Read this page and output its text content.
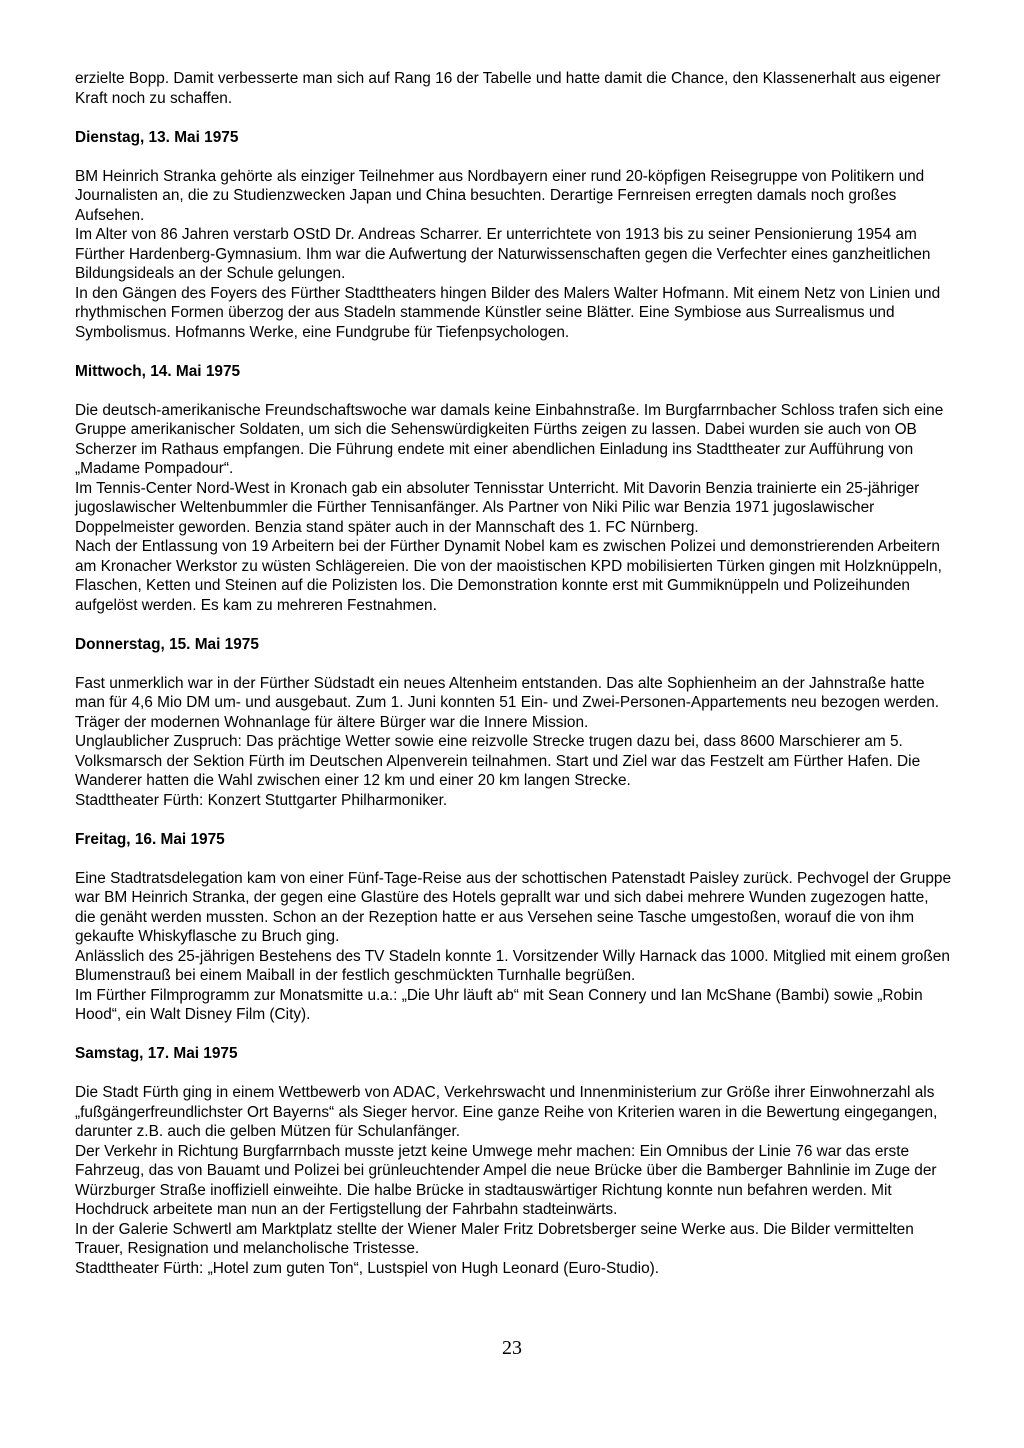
erzielte Bopp. Damit verbesserte man sich auf Rang 16 der Tabelle und hatte damit die Chance, den Klassenerhalt aus eigener Kraft noch zu schaffen.

Dienstag, 13. Mai 1975

BM Heinrich Stranka gehörte als einziger Teilnehmer aus Nordbayern einer rund 20-köpfigen Reisegruppe von Politikern und Journalisten an, die zu Studienzwecken Japan und China besuchten. Derartige Fernreisen erregten damals noch großes Aufsehen.

Im Alter von 86 Jahren verstarb OStD Dr. Andreas Scharrer. Er unterrichtete von 1913 bis zu seiner Pensionierung 1954 am Fürther Hardenberg-Gymnasium. Ihm war die Aufwertung der Naturwissenschaften gegen die Verfechter eines ganzheitlichen Bildungsideals an der Schule gelungen.

In den Gängen des Foyers des Fürther Stadttheaters hingen Bilder des Malers Walter Hofmann. Mit einem Netz von Linien und rhythmischen Formen überzog der aus Stadeln stammende Künstler seine Blätter. Eine Symbiose aus Surrealismus und Symbolismus. Hofmanns Werke, eine Fundgrube für Tiefenpsychologen.

Mittwoch, 14. Mai 1975

Die deutsch-amerikanische Freundschaftswoche war damals keine Einbahnstraße. Im Burgfarrnbacher Schloss trafen sich eine Gruppe amerikanischer Soldaten, um sich die Sehenswürdigkeiten Fürths zeigen zu lassen. Dabei wurden sie auch von OB Scherzer im Rathaus empfangen. Die Führung endete mit einer abendlichen Einladung ins Stadttheater zur Aufführung von „Madame Pompadour“.

Im Tennis-Center Nord-West in Kronach gab ein absoluter Tennisstar Unterricht. Mit Davorin Benzia trainierte ein 25-jähriger jugoslawischer Weltenbummler die Fürther Tennisanfänger. Als Partner von Niki Pilic war Benzia 1971 jugoslawischer Doppelmeister geworden. Benzia stand später auch in der Mannschaft des 1. FC Nürnberg.

Nach der Entlassung von 19 Arbeitern bei der Fürther Dynamit Nobel kam es zwischen Polizei und demonstrierenden Arbeitern am Kronacher Werkstor zu wüsten Schlägereien. Die von der maoistischen KPD mobilisierten Türken gingen mit Holzknüppeln, Flaschen, Ketten und Steinen auf die Polizisten los. Die Demonstration konnte erst mit Gummiknüppeln und Polizeihunden aufgelöst werden. Es kam zu mehreren Festnahmen.

Donnerstag, 15. Mai 1975

Fast unmerklich war in der Fürther Südstadt ein neues Altenheim entstanden. Das alte Sophienheim an der Jahnstraße hatte man für 4,6 Mio DM um- und ausgebaut. Zum 1. Juni konnten 51 Ein- und Zwei-Personen-Appartements neu bezogen werden. Träger der modernen Wohnanlage für ältere Bürger war die Innere Mission.

Unglaublicher Zuspruch: Das prächtige Wetter sowie eine reizvolle Strecke trugen dazu bei, dass 8600 Marschierer am 5. Volksmarsch der Sektion Fürth im Deutschen Alpenverein teilnahmen. Start und Ziel war das Festzelt am Fürther Hafen. Die Wanderer hatten die Wahl zwischen einer 12 km und einer 20 km langen Strecke.

Stadttheater Fürth: Konzert Stuttgarter Philharmoniker.

Freitag, 16. Mai 1975

Eine Stadtratsdelegation kam von einer Fünf-Tage-Reise aus der schottischen Patenstadt Paisley zurück. Pechvogel der Gruppe war BM Heinrich Stranka, der gegen eine Glastüre des Hotels geprallt war und sich dabei mehrere Wunden zugezogen hatte, die genäht werden mussten. Schon an der Rezeption hatte er aus Versehen seine Tasche umgestoßen, worauf die von ihm gekaufte Whiskyflasche zu Bruch ging.

Anlässlich des 25-jährigen Bestehens des TV Stadeln konnte 1. Vorsitzender Willy Harnack das 1000. Mitglied mit einem großen Blumenstrauß bei einem Maiball in der festlich geschmückten Turnhalle begrüßen.

Im Fürther Filmprogramm zur Monatsmitte u.a.: „Die Uhr läuft ab“ mit Sean Connery und Ian McShane (Bambi) sowie „Robin Hood“, ein Walt Disney Film (City).

Samstag, 17. Mai 1975

Die Stadt Fürth ging in einem Wettbewerb von ADAC, Verkehrswacht und Innenministerium zur Größe ihrer Einwohnerzahl als „fußgängerfreundlichster Ort Bayerns“ als Sieger hervor. Eine ganze Reihe von Kriterien waren in die Bewertung eingegangen, darunter z.B. auch die gelben Mützen für Schulanfänger.

Der Verkehr in Richtung Burgfarrnbach musste jetzt keine Umwege mehr machen: Ein Omnibus der Linie 76 war das erste Fahrzeug, das von Bauamt und Polizei bei grünleuchtender Ampel die neue Brücke über die Bamberger Bahnlinie im Zuge der Würzburger Straße inoffiziell einweihte. Die halbe Brücke in stadtauswärtiger Richtung konnte nun befahren werden. Mit Hochdruck arbeitete man nun an der Fertigstellung der Fahrbahn stadteinwärts.

In der Galerie Schwertl am Marktplatz stellte der Wiener Maler Fritz Dobretsberger seine Werke aus. Die Bilder vermittelten Trauer, Resignation und melancholische Tristesse.

Stadttheater Fürth: „Hotel zum guten Ton“, Lustspiel von Hugh Leonard (Euro-Studio).

23
